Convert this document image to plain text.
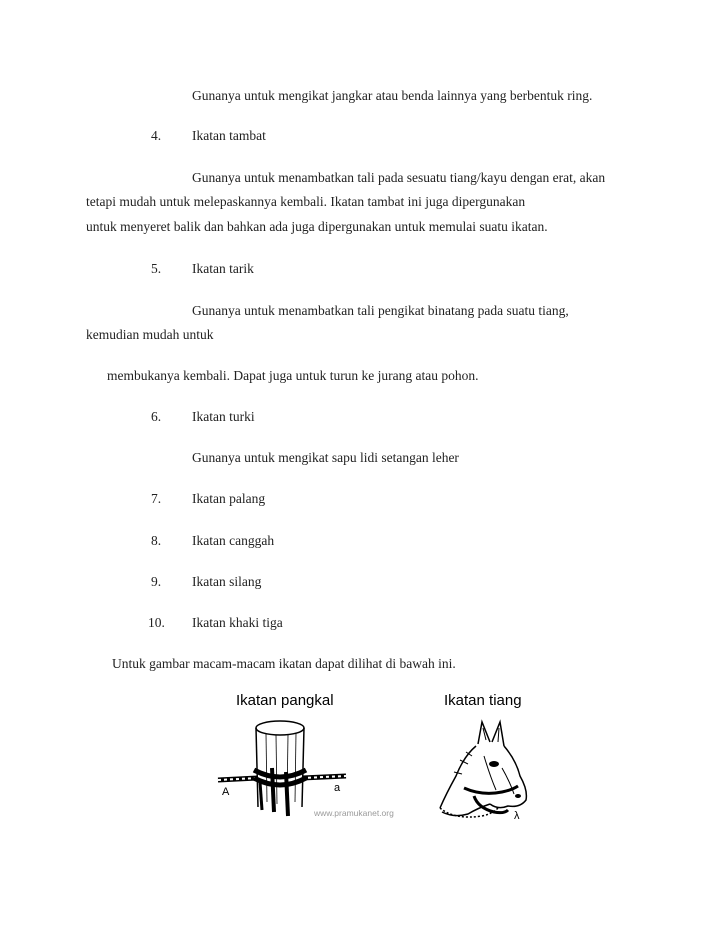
Gunanya untuk mengikat jangkar atau benda lainnya yang berbentuk ring.
4. Ikatan tambat
Gunanya untuk menambatkan tali pada sesuatu tiang/kayu dengan erat, akan
tetapi mudah untuk melepaskannya kembali. Ikatan tambat ini juga dipergunakan
untuk menyeret balik dan bahkan ada juga dipergunakan untuk memulai suatu ikatan.
5. Ikatan tarik
Gunanya untuk menambatkan tali pengikat binatang pada suatu tiang,
kemudian mudah untuk
membukanya kembali. Dapat juga untuk turun ke jurang atau pohon.
6. Ikatan turki
Gunanya untuk mengikat sapu lidi setangan leher
7. Ikatan palang
8. Ikatan canggah
9. Ikatan silang
10. Ikatan khaki tiga
Untuk gambar macam-macam ikatan dapat dilihat di bawah ini.
Ikatan pangkal	Ikatan tiang
A	a
www.pramukanet.org	λ
